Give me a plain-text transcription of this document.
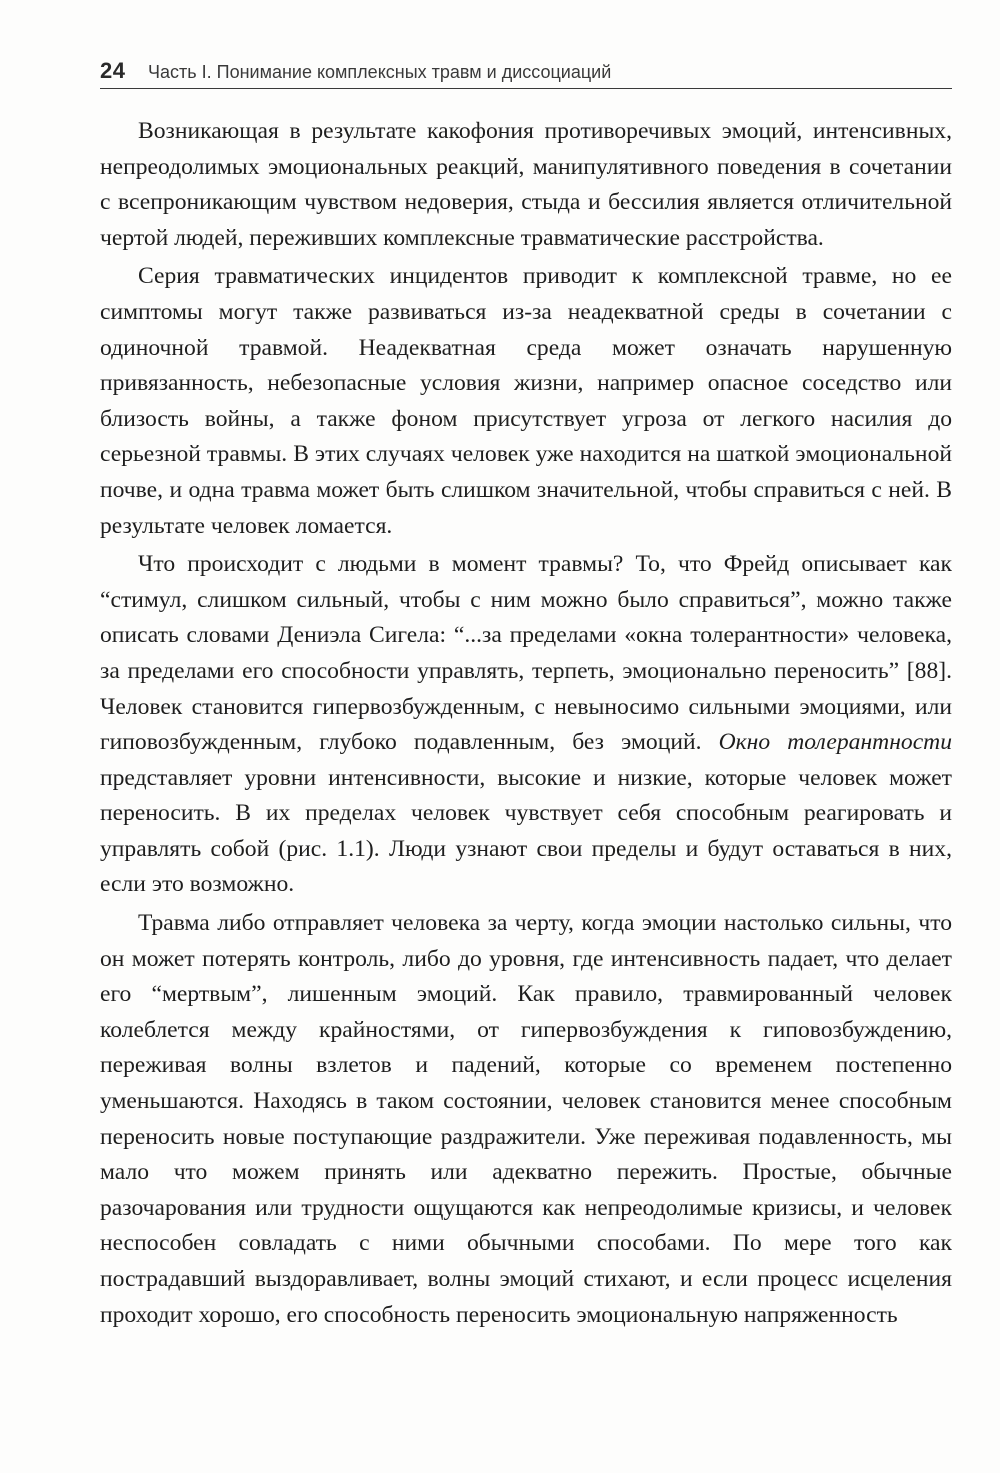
24	Часть I. Понимание комплексных травм и диссоциаций

Возникающая в результате какофония противоречивых эмоций, интенсивных, непреодолимых эмоциональных реакций, манипулятивного поведения в сочетании с всепроникающим чувством недоверия, стыда и бессилия является отличительной чертой людей, переживших комплексные травматические расстройства.

Серия травматических инцидентов приводит к комплексной травме, но ее симптомы могут также развиваться из-за неадекватной среды в сочетании с одиночной травмой. Неадекватная среда может означать нарушенную привязанность, небезопасные условия жизни, например опасное соседство или близость войны, а также фоном присутствует угроза от легкого насилия до серьезной травмы. В этих случаях человек уже находится на шаткой эмоциональной почве, и одна травма может быть слишком значительной, чтобы справиться с ней. В результате человек ломается.

Что происходит с людьми в момент травмы? То, что Фрейд описывает как “стимул, слишком сильный, чтобы с ним можно было справиться”, можно также описать словами Дениэла Сигела: “...за пределами «окна толерантности» человека, за пределами его способности управлять, терпеть, эмоционально переносить” [88]. Человек становится гипервозбужденным, с невыносимо сильными эмоциями, или гиповозбужденным, глубоко подавленным, без эмоций. Окно толерантности представляет уровни интенсивности, высокие и низкие, которые человек может переносить. В их пределах человек чувствует себя способным реагировать и управлять собой (рис. 1.1). Люди узнают свои пределы и будут оставаться в них, если это возможно.

Травма либо отправляет человека за черту, когда эмоции настолько сильны, что он может потерять контроль, либо до уровня, где интенсивность падает, что делает его “мертвым”, лишенным эмоций. Как правило, травмированный человек колеблется между крайностями, от гипервозбуждения к гиповозбуждению, переживая волны взлетов и падений, которые со временем постепенно уменьшаются. Находясь в таком состоянии, человек становится менее способным переносить новые поступающие раздражители. Уже переживая подавленность, мы мало что можем принять или адекватно пережить. Простые, обычные разочарования или трудности ощущаются как непреодолимые кризисы, и человек неспособен совладать с ними обычными способами. По мере того как пострадавший выздоравливает, волны эмоций стихают, и если процесс исцеления проходит хорошо, его способность переносить эмоциональную напряженность
